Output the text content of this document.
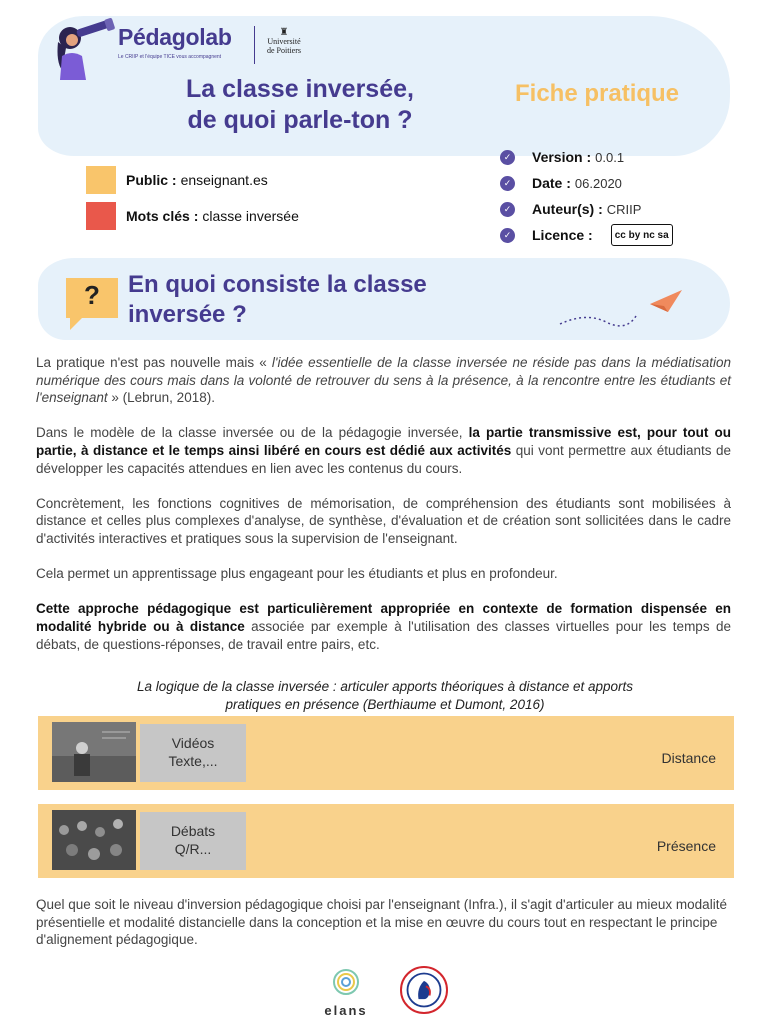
Pédagolab
Le CRIIP et l'équipe TICE vous accompagnent
♜
Université
de Poitiers
La classe inversée,
de quoi parle-ton ?
Fiche pratique
Public : enseignant.es
Mots clés : classe inversée
✓ Version : 0.0.1
✓ Date : 06.2020
✓ Auteur(s) : CRIIP
✓ Licence :	cc by nc sa
?	En quoi consiste la classe inversée ?

La pratique n'est pas nouvelle mais « l'idée essentielle de la classe inversée ne réside pas dans la médiatisation numérique des cours mais dans la volonté de retrouver du sens à la présence, à la rencontre entre les étudiants et l'enseignant » (Lebrun, 2018).

Dans le modèle de la classe inversée ou de la pédagogie inversée, la partie transmissive est, pour tout ou partie, à distance et le temps ainsi libéré en cours est dédié aux activités qui vont permettre aux étudiants de développer les capacités attendues en lien avec les contenus du cours.

Concrètement, les fonctions cognitives de mémorisation, de compréhension des étudiants sont mobilisées à distance et celles plus complexes d'analyse, de synthèse, d'évaluation et de création sont sollicitées dans le cadre d'activités interactives et pratiques sous la supervision de l'enseignant.

Cela permet un apprentissage plus engageant pour les étudiants et plus en profondeur.

Cette approche pédagogique est particulièrement appropriée en contexte de formation dispensée en modalité hybride ou à distance associée par exemple à l'utilisation des classes virtuelles pour les temps de débats, de questions-réponses, de travail entre pairs, etc.

La logique de la classe inversée : articuler apports théoriques à distance et apports
pratiques en présence (Berthiaume et Dumont, 2016)
Vidéos
Texte,...	Distance
Débats
Q/R...	Présence
Quel que soit le niveau d'inversion pédagogique choisi par l'enseignant (Infra.), il s'agit d'articuler au mieux modalité présentielle et modalité distancielle dans la conception et la mise en œuvre du cours tout en respectant le principe d'alignement pédagogique.
elans
